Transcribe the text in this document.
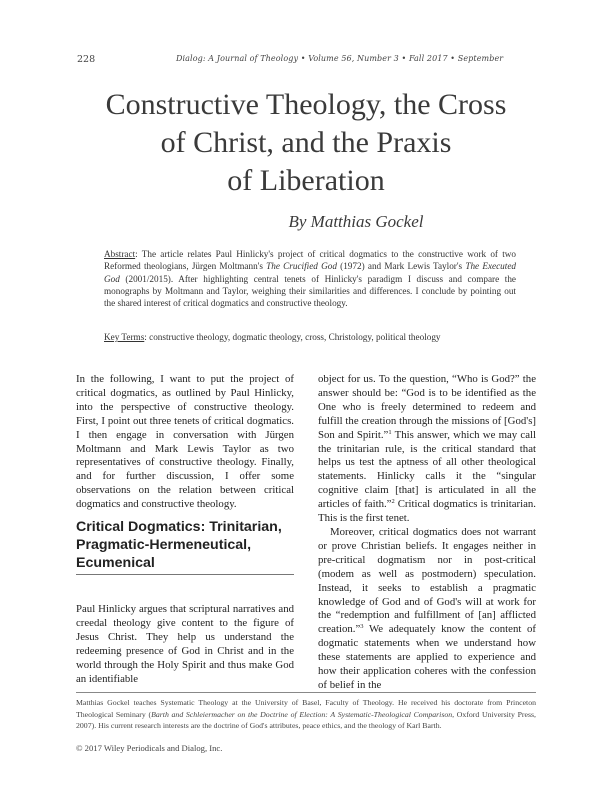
228	Dialog: A Journal of Theology • Volume 56, Number 3 • Fall 2017 • September
Constructive Theology, the Cross
of Christ, and the Praxis
of Liberation
By Matthias Gockel
Abstract: The article relates Paul Hinlicky's project of critical dogmatics to the constructive work of two Reformed theologians, Jürgen Moltmann's The Crucified God (1972) and Mark Lewis Taylor's The Executed God (2001/2015). After highlighting central tenets of Hinlicky's paradigm I discuss and compare the monographs by Moltmann and Taylor, weighing their similarities and differences. I conclude by pointing out the shared interest of critical dogmatics and constructive theology.
Key Terms: constructive theology, dogmatic theology, cross, Christology, political theology

In the following, I want to put the project of critical dogmatics, as outlined by Paul Hinlicky, into the perspective of constructive theology. First, I point out three tenets of critical dogmatics. I then engage in conversation with Jürgen Moltmann and Mark Lewis Taylor as two representatives of constructive theology. Finally, and for further discussion, I offer some observations on the relation between critical dogmatics and constructive theology.

Critical Dogmatics: Trinitarian,
Pragmatic-Hermeneutical,
Ecumenical

Paul Hinlicky argues that scriptural narratives and creedal theology give content to the figure of Jesus Christ. They help us understand the redeeming presence of God in Christ and in the world through the Holy Spirit and thus make God an identifiable

object for us. To the question, “Who is God?” the answer should be: “God is to be identified as the One who is freely determined to redeem and fulfill the creation through the missions of [God's] Son and Spirit.”$^1$ This answer, which we may call the trinitarian rule, is the critical standard that helps us test the aptness of all other theological statements. Hinlicky calls it the “singular cognitive claim [that] is articulated in all the articles of faith.”$^2$ Critical dogmatics is trinitarian. This is the first tenet.

Moreover, critical dogmatics does not warrant or prove Christian beliefs. It engages neither in pre-critical dogmatism nor in post-critical (modem as well as postmodern) speculation. Instead, it seeks to establish a pragmatic knowledge of God and of God's will at work for the “redemption and fulfillment of [an] afflicted creation.”$^3$ We adequately know the content of dogmatic statements when we understand how these statements are applied to experience and how their application coheres with the confession of belief in the

Matthias Gockel teaches Systematic Theology at the University of Basel, Faculty of Theology. He received his doctorate from Princeton Theological Seminary (Barth and Schleiermacher on the Doctrine of Election: A Systematic-Theological Comparison, Oxford University Press, 2007). His current research interests are the doctrine of God's attributes, peace ethics, and the theology of Karl Barth.
© 2017 Wiley Periodicals and Dialog, Inc.
